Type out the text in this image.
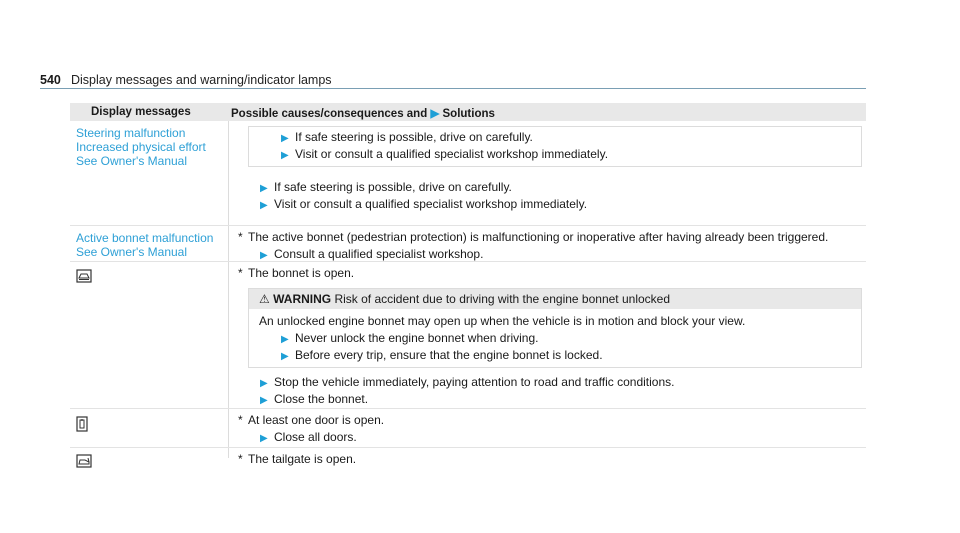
540 Display messages and warning/indicator lamps
Display messages	Possible causes/consequences and ▶ Solutions
Steering malfunction
Increased physical effort
See Owner's Manual
▶ If safe steering is possible, drive on carefully.
▶ Visit or consult a qualified specialist workshop immediately.
▶ If safe steering is possible, drive on carefully.
▶ Visit or consult a qualified specialist workshop immediately.
Active bonnet malfunction
See Owner's Manual
* The active bonnet (pedestrian protection) is malfunctioning or inoperative after having already been triggered.
▶ Consult a qualified specialist workshop.
* The bonnet is open.
⚠ WARNING Risk of accident due to driving with the engine bonnet unlocked
An unlocked engine bonnet may open up when the vehicle is in motion and block your view.
▶ Never unlock the engine bonnet when driving.
▶ Before every trip, ensure that the engine bonnet is locked.
▶ Stop the vehicle immediately, paying attention to road and traffic conditions.
▶ Close the bonnet.
* At least one door is open.
▶ Close all doors.
* The tailgate is open.
